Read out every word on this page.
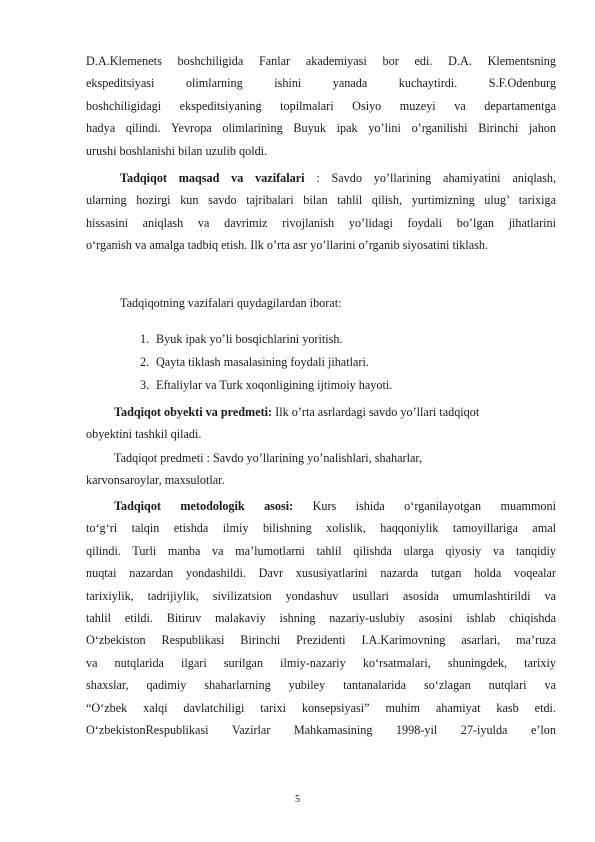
D.A.Klemenets boshchiligida Fanlar akademiyasi bor edi. D.A. Klementsning
ekspeditsiyasi olimlarning ishini yanada kuchaytirdi. S.F.Odenburg
boshchiligidagi ekspeditsiyaning topilmalari Osiyo muzeyi va departamentga
hadya qilindi. Yevropa olimlarining Buyuk ipak yo’lini o’rganilishi Birinchi jahon
urushi boshlanishi bilan uzulib qoldi.
Tadqiqot maqsad va vazifalari : Savdo yo’llarining ahamiyatini aniqlash,
ularning hozirgi kun savdo tajribalari bilan tahlil qilish, yurtimizning ulug’ tarixiga
hissasini aniqlash va davrimiz rivojlanish yo’lidagi foydali bo’lgan jihatlarini
o‘rganish va amalga tadbiq etish. Ilk o’rta asr yo’llarini o’rganib siyosatini tiklash.
Tadqiqotning vazifalari quydagilardan iborat:
1. Byuk ipak yo’li bosqichlarini yoritish.
2. Qayta tiklash masalasining foydali jihatlari.
3. Eftaliylar va Turk xoqonligining ijtimoiy hayoti.
Tadqiqot obyekti va predmeti: Ilk o’rta asrlardagi savdo yo’llari tadqiqot
obyektini tashkil qiladi.
Tadqiqot predmeti : Savdo yo’llarining yo’nalishlari, shaharlar,
karvonsaroylar, maxsulotlar.
Tadqiqot metodologik asosi: Kurs ishida o‘rganilayotgan muammoni
to‘g‘ri talqin etishda ilmiy bilishning xolislik, haqqoniylik tamoyillariga amal
qilindi. Turli manba va ma’lumotlarni tahlil qilishda ularga qiyosiy va tanqidiy
nuqtai nazardan yondashildi. Davr xususiyatlarini nazarda tutgan holda voqealar
tarixiylik, tadrijiylik, sivilizatsion yondashuv usullari asosida umumlashtirildi va
tahlil etildi. Bitiruv malakaviy ishning nazariy-uslubiy asosini ishlab chiqishda
O‘zbekiston Respublikasi Birinchi Prezidenti I.A.Karimovning asarlari, ma’ruza
va nutqlarida ilgari surilgan ilmiy-nazariy ko‘rsatmalari, shuningdek, tarixiy
shaxslar, qadimiy shaharlarning yubiley tantanalarida so‘zlagan nutqlari va
“O‘zbek xalqi davlatchiligi tarixi konsepsiyasi” muhim ahamiyat kasb etdi.
O‘zbekistonRespublikasi Vazirlar Mahkamasining 1998-yil 27-iyulda e’lon
5
